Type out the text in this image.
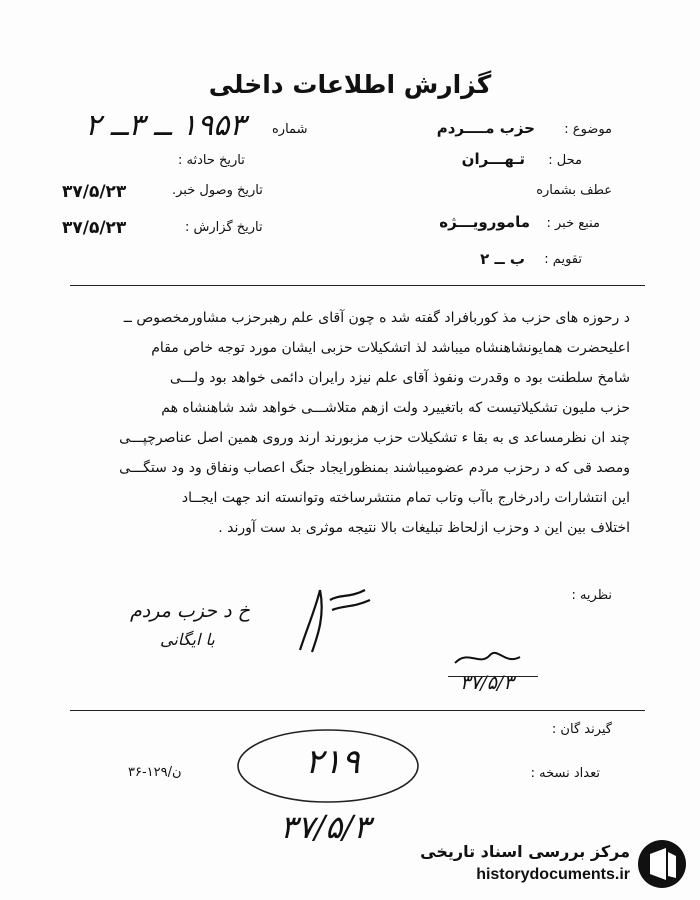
گزارش اطلاعات داخلی
موضوع :
حزب مــــردم
محل :
تـهـــران
عطف بشماره
منبع خبر :
مامورویـــژه
تقویم :
ب ــ ۲
شماره
۱۹۵۳ ــ ۳ــ ۲
تاریخ حادثه :
تاریخ وصول خبر.
۳۷/۵/۲۳
تاریخ گزارش :
۳۷/۵/۲۳

د رحوزه های حزب مذ کوربافراد گفته شد ه چون آقای علم رهبرحزب مشاورمخصوص ــ

اعلیحضرت همایونشاهنشاه میباشد لذ اتشکیلات حزبی ایشان مورد توجه خاص مقام

شامخ سلطنت بود ه وقدرت ونفوذ آقای علم نیزد رایران دائمی خواهد بود ولـــی

حزب ملیون تشکیلاتیست که باتغییرد ولت ازهم متلاشـــی خواهد شد شاهنشاه هم

چند ان نظرمساعد ی به بقا ء تشکیلات حزب مزبورند ارند وروی همین اصل عناصرچپـــی

ومصد قی که د رحزب مردم عضومیباشند بمنظورایجاد جنگ اعصاب ونفاق ود ود ستگـــی

این انتشارات رادرخارج باآب وتاب تمام منتشرساخته وتوانسته اند جهت ایجــاد

اختلاف بین این د وحزب ازلحاظ تبلیغات بالا نتیجه موثری بد ست آورند .

نظریه :
خ د حزب مردم
با ایگانی
۳۷/۵/۳
گیرند گان :
تعداد نسخه :
۳۶-۱۲۹/ن	۲۱۹
۳۷/۵/۳
مرکز بررسی اسناد تاریخی
historydocuments.ir
